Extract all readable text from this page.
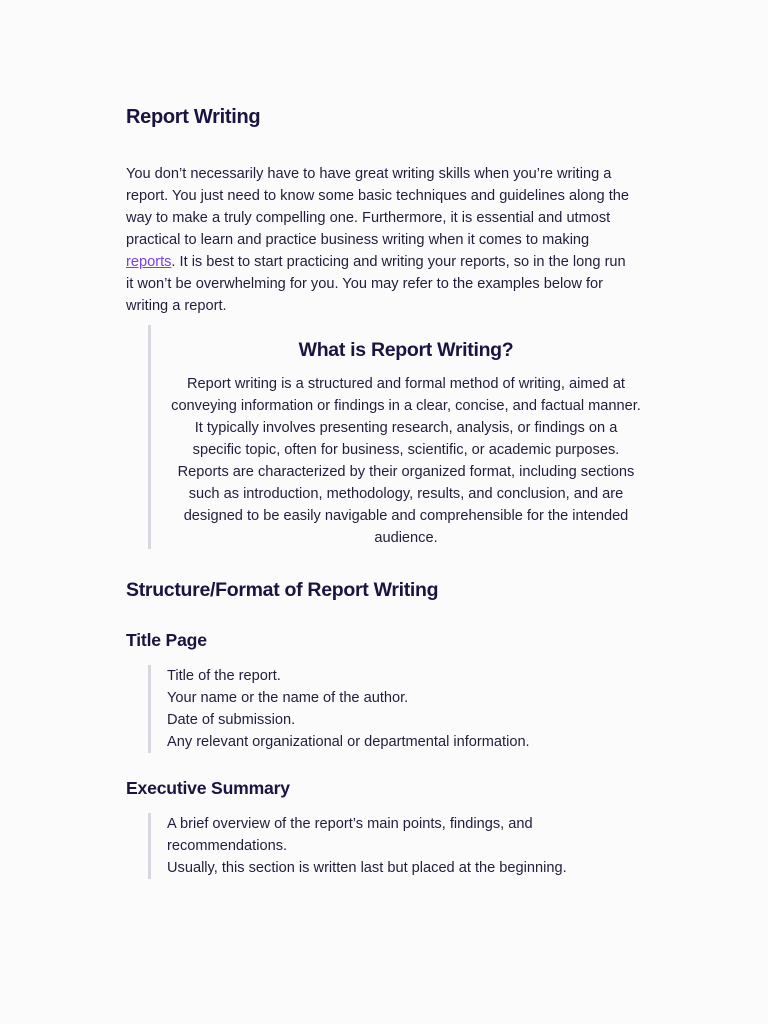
Report Writing

You don’t necessarily have to have great writing skills when you’re writing a report. You just need to know some basic techniques and guidelines along the way to make a truly compelling one. Furthermore, it is essential and utmost practical to learn and practice business writing when it comes to making reports. It is best to start practicing and writing your reports, so in the long run it won’t be overwhelming for you. You may refer to the examples below for writing a report.

What is Report Writing?

Report writing is a structured and formal method of writing, aimed at conveying information or findings in a clear, concise, and factual manner. It typically involves presenting research, analysis, or findings on a specific topic, often for business, scientific, or academic purposes. Reports are characterized by their organized format, including sections such as introduction, methodology, results, and conclusion, and are designed to be easily navigable and comprehensible for the intended audience.

Structure/Format of Report Writing
Title Page
Title of the report.
Your name or the name of the author.
Date of submission.
Any relevant organizational or departmental information.
Executive Summary
A brief overview of the report’s main points, findings, and recommendations.
Usually, this section is written last but placed at the beginning.
